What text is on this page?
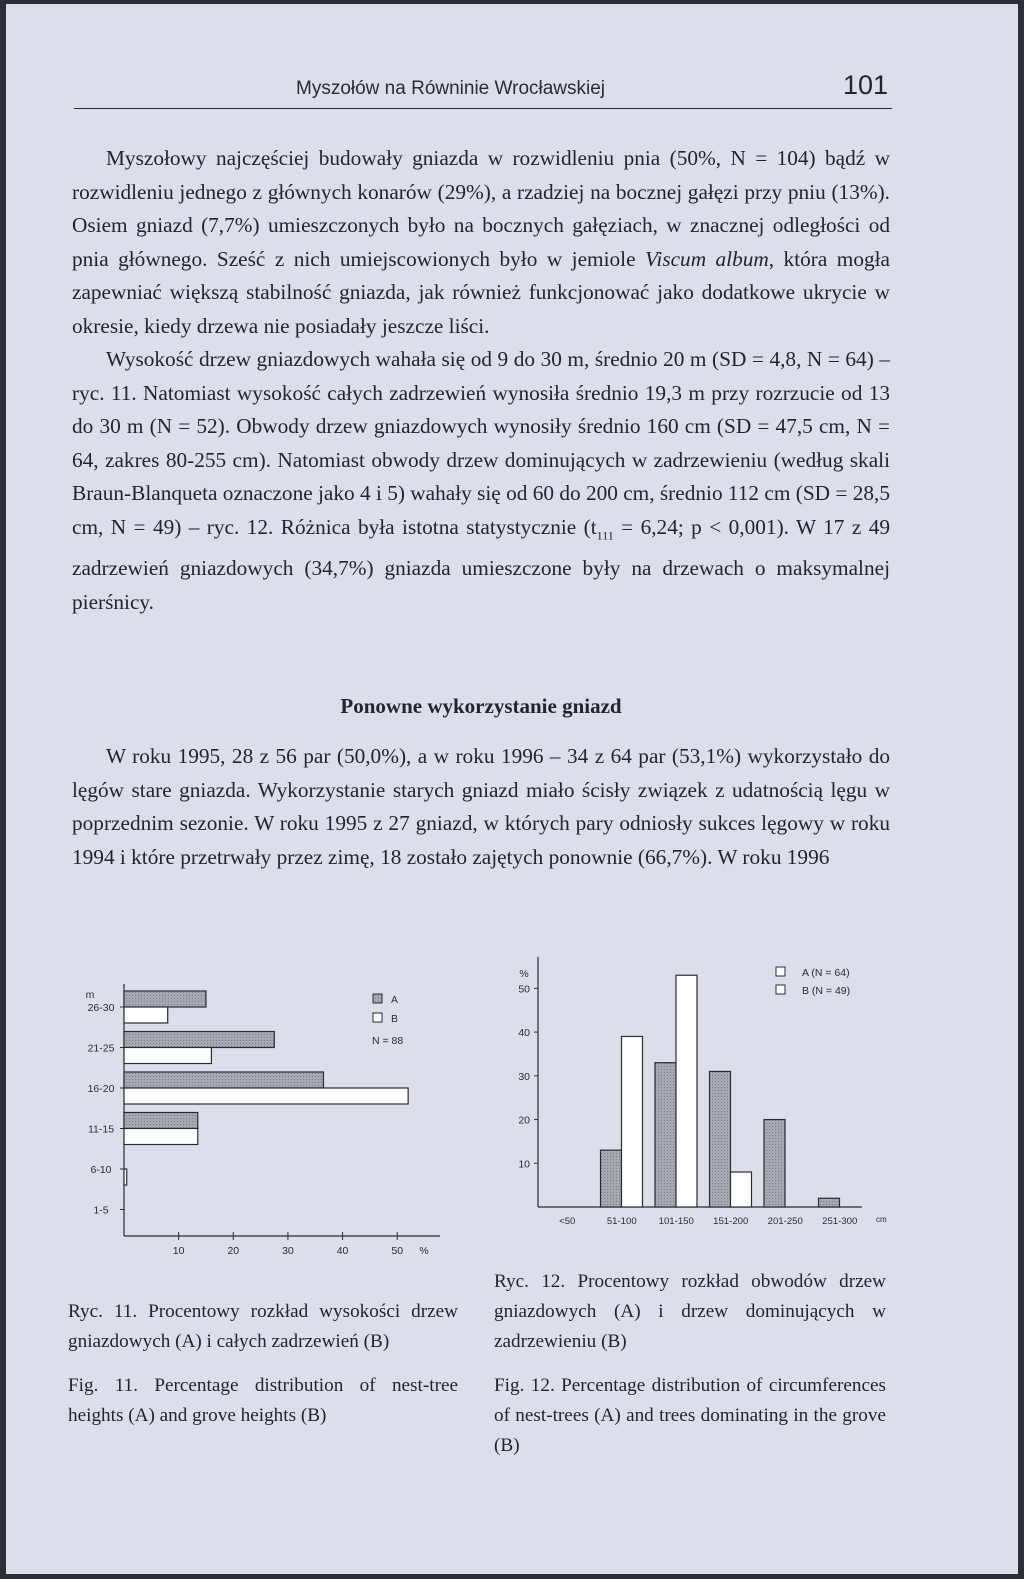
Myszołów na Równinie Wrocławskiej	101

Myszołowy najczęściej budowały gniazda w rozwidleniu pnia (50%, N = 104) bądź w rozwidleniu jednego z głównych konarów (29%), a rzadziej na bocznej gałęzi przy pniu (13%). Osiem gniazd (7,7%) umieszczonych było na bocznych gałęziach, w znacznej odległości od pnia głównego. Sześć z nich umiejscowionych było w jemiole Viscum album, która mogła zapewniać większą stabilność gniazda, jak również funkcjonować jako dodatkowe ukrycie w okresie, kiedy drzewa nie posiadały jeszcze liści.

Wysokość drzew gniazdowych wahała się od 9 do 30 m, średnio 20 m (SD = 4,8, N = 64) – ryc. 11. Natomiast wysokość całych zadrzewień wynosiła średnio 19,3 m przy rozrzucie od 13 do 30 m (N = 52). Obwody drzew gniazdowych wynosiły średnio 160 cm (SD = 47,5 cm, N = 64, zakres 80-255 cm). Natomiast obwody drzew dominujących w zadrzewieniu (według skali Braun-Blanqueta oznaczone jako 4 i 5) wahały się od 60 do 200 cm, średnio 112 cm (SD = 28,5 cm, N = 49) – ryc. 12. Różnica była istotna statystycznie ($t_{111} = 6,24$; p < 0,001). W 17 z 49 zadrzewień gniazdowych (34,7%) gniazda umieszczone były na drzewach o maksymalnej pierśnicy.

Ponowne wykorzystanie gniazd

W roku 1995, 28 z 56 par (50,0%), a w roku 1996 – 34 z 64 par (53,1%) wykorzystało do lęgów stare gniazda. Wykorzystanie starych gniazd miało ścisły związek z udatnością lęgu w poprzednim sezonie. W roku 1995 z 27 gniazd, w których pary odniosły sukces lęgowy w roku 1994 i które przetrwały przez zimę, 18 zostało zajętych ponownie (66,7%). W roku 1996

m
26-30
21-25
16-20
11-15
6-10
1-5
10	20	30	40	50 %
A
B
N = 88
%
10
20
30
40
50
<50	51-100 101-150 151-200 201-250 251-300 cm
A (N = 64)
B (N = 49)
Ryc. 11. Procentowy rozkład wysokości drzew gniazdowych (A) i całych zadrzewień (B)
Fig. 11. Percentage distribution of nest-tree heights (A) and grove heights (B)
Ryc. 12. Procentowy rozkład obwodów drzew gniazdowych (A) i drzew dominujących w zadrzewieniu (B)
Fig. 12. Percentage distribution of circumferences of nest-trees (A) and trees dominating in the grove (B)
